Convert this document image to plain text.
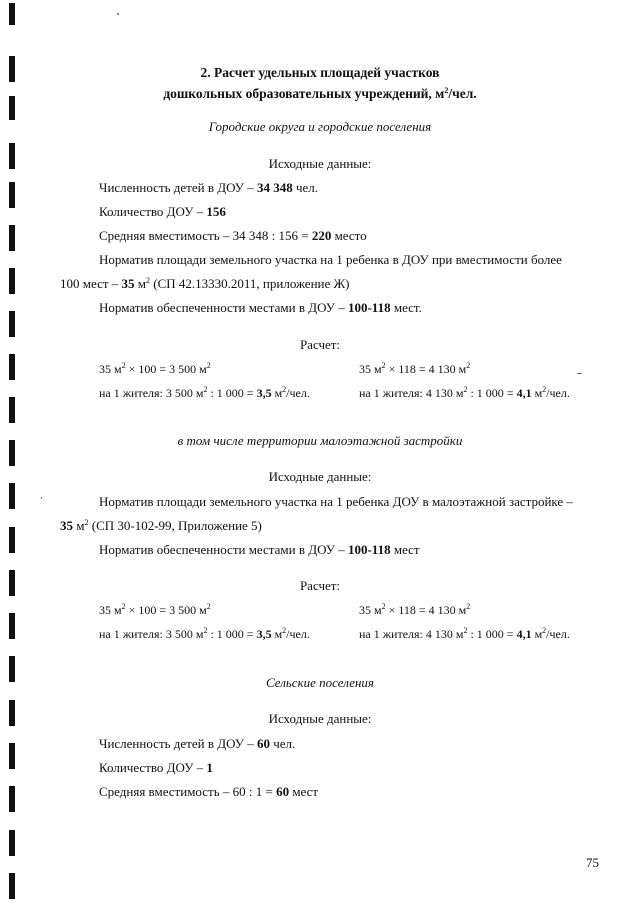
2. Расчет удельных площадей участков
дошкольных образовательных учреждений, $м^2$/чел.
Городские округа и городские поселения
Исходные данные:
Численность детей в ДОУ – 34 348 чел.
Количество ДОУ – 156
Средняя вместимость – 34 348 : 156 = 220 место
Норматив площади земельного участка на 1 ребенка в ДОУ при вместимости более
100 мест – 35 $м^2$ (СП 42.13330.2011, приложение Ж)
Норматив обеспеченности местами в ДОУ – 100-118 мест.
Расчет:
35 $м^2 \times 100 = 3$ 500 $м^2$	35 $м^2 \times 118 = 4$ 130 $м^2$
на 1 жителя: 3 500 $м^2$ : 1 000 = 3,5 $м^2$/чел.	на 1 жителя: 4 130 $м^2$ : 1 000 = 4,1 $м^2$/чел.
в том числе территории малоэтажной застройки
Исходные данные:
Норматив площади земельного участка на 1 ребенка ДОУ в малоэтажной застройке –
35 $м^2$ (СП 30-102-99, Приложение 5)
Норматив обеспеченности местами в ДОУ – 100-118 мест
Расчет:
35 $м^2 \times 100 = 3$ 500 $м^2$	35 $м^2 \times 118 = 4$ 130 $м^2$
на 1 жителя: 3 500 $м^2$ : 1 000 = 3,5 $м^2$/чел.	на 1 жителя: 4 130 $м^2$ : 1 000 = 4,1 $м^2$/чел.
Сельские поселения
Исходные данные:
Численность детей в ДОУ – 60 чел.
Количество ДОУ – 1
Средняя вместимость – 60 : 1 = 60 мест
75
